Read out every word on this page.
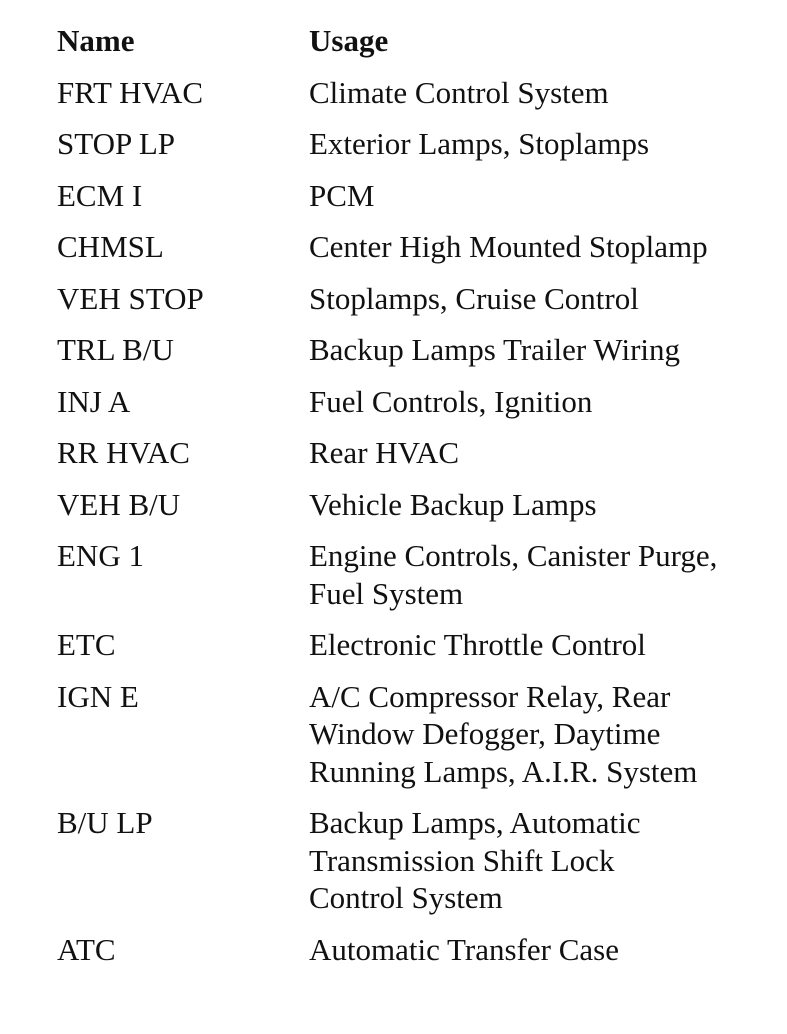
Name	Usage
FRT HVAC	Climate Control System
STOP LP	Exterior Lamps, Stoplamps
ECM I	PCM
CHMSL	Center High Mounted Stoplamp
VEH STOP	Stoplamps, Cruise Control
TRL B/U	Backup Lamps Trailer Wiring
INJ A	Fuel Controls, Ignition
RR HVAC	Rear HVAC
VEH B/U	Vehicle Backup Lamps
ENG 1	Engine Controls, Canister Purge,
Fuel System
ETC	Electronic Throttle Control
IGN E	A/C Compressor Relay, Rear
Window Defogger, Daytime
Running Lamps, A.I.R. System
B/U LP	Backup Lamps, Automatic
Transmission Shift Lock
Control System
ATC	Automatic Transfer Case
